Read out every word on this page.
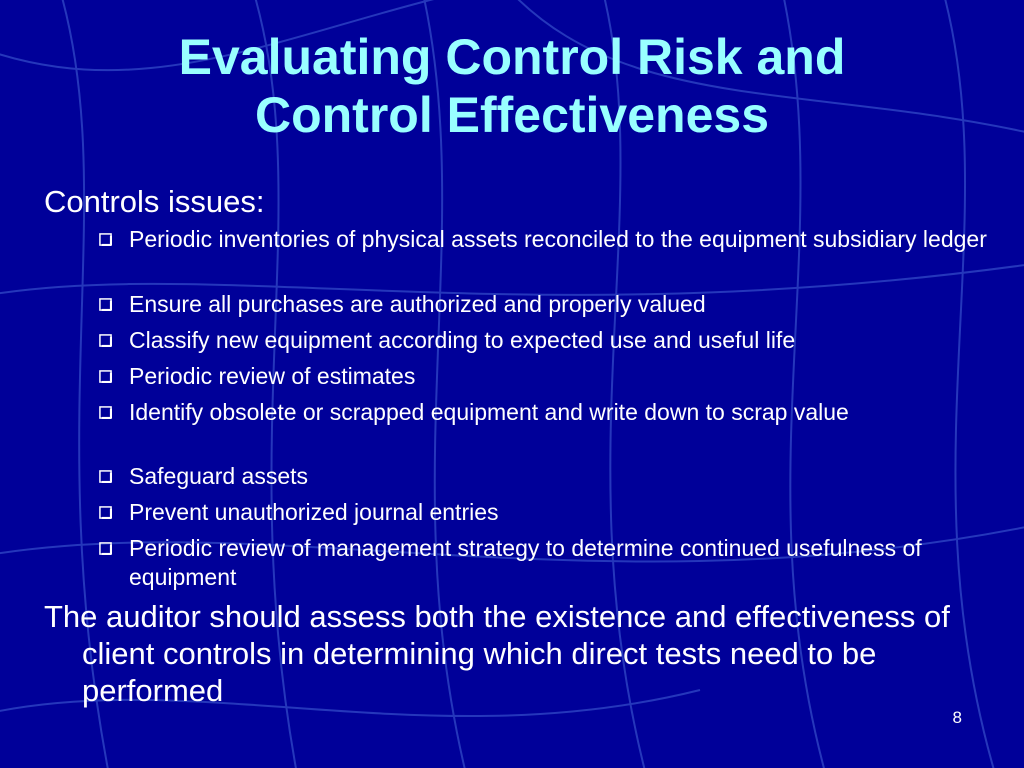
Evaluating Control Risk and
Control Effectiveness
Controls issues:
Periodic inventories of physical assets reconciled to the equipment subsidiary ledger
Ensure all purchases are authorized and properly valued
Classify new equipment according to expected use and useful life
Periodic review of estimates
Identify obsolete or scrapped equipment and write down to scrap value
Safeguard assets
Prevent unauthorized journal entries
Periodic review of management strategy to determine continued usefulness of equipment
The auditor should assess both the existence and effectiveness of client controls in determining which direct tests need to be performed
8
